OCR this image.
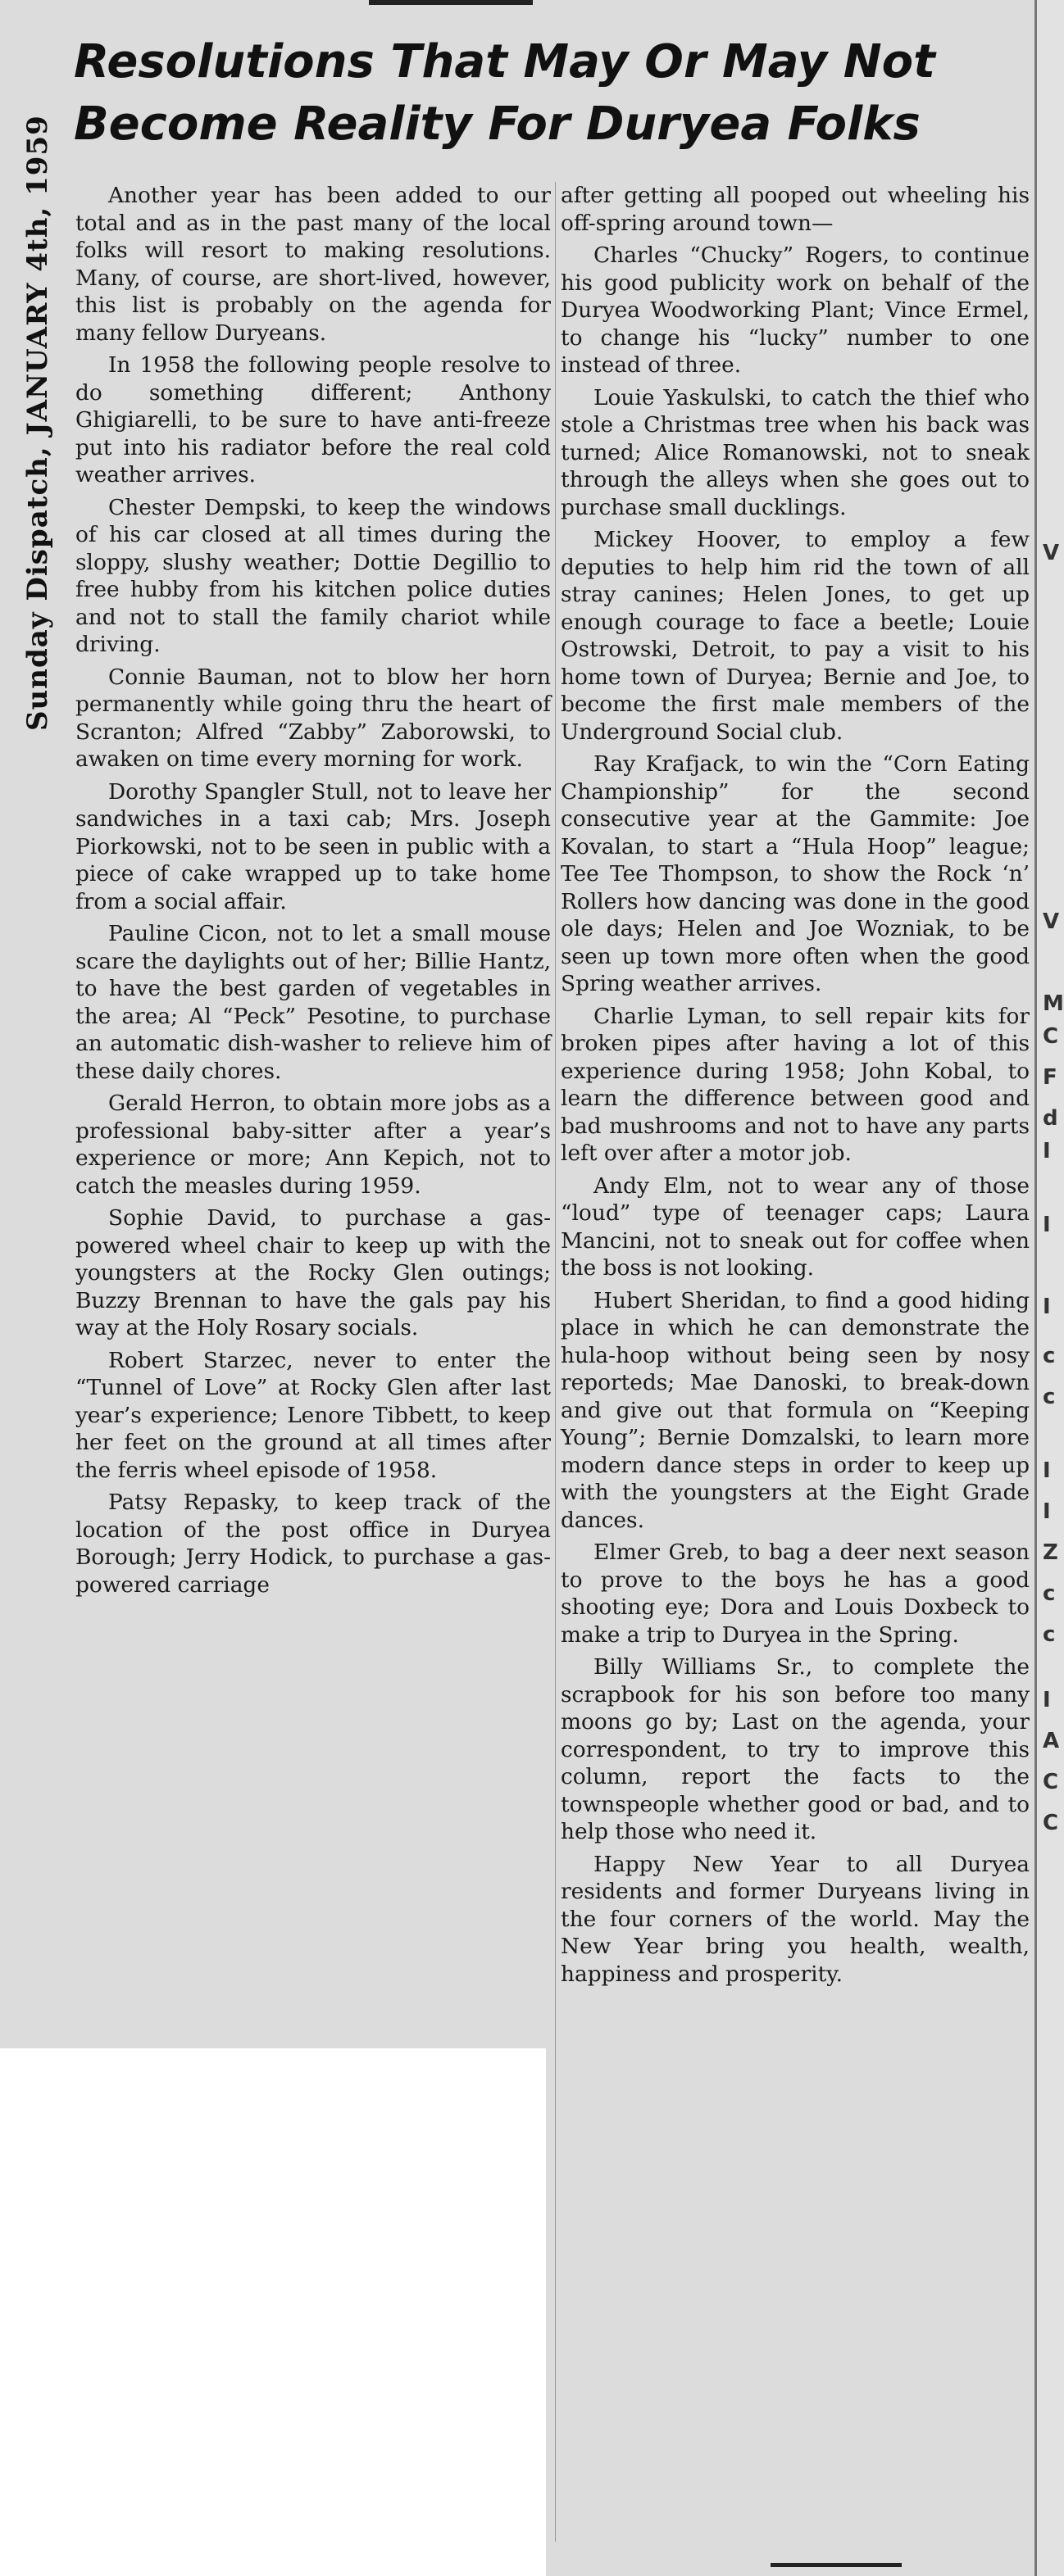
Sunday Dispatch, JANUARY 4th, 1959
Resolutions That May Or May Not
Become Reality For Duryea Folks

Another year has been added to our total and as in the past many of the local folks will resort to making resolutions. Many, of course, are short-lived, however, this list is probably on the agenda for many fellow Duryeans.

In 1958 the following people resolve to do something different; Anthony Ghigiarelli, to be sure to have anti-freeze put into his radiator before the real cold weather arrives.

Chester Dempski, to keep the windows of his car closed at all times during the sloppy, slushy weather; Dottie Degillio to free hubby from his kitchen police duties and not to stall the family chariot while driving.

Connie Bauman, not to blow her horn permanently while going thru the heart of Scranton; Alfred “Zabby” Zaborowski, to awaken on time every morning for work.

Dorothy Spangler Stull, not to leave her sandwiches in a taxi cab; Mrs. Joseph Piorkowski, not to be seen in public with a piece of cake wrapped up to take home from a social affair.

Pauline Cicon, not to let a small mouse scare the daylights out of her; Billie Hantz, to have the best garden of vegetables in the area; Al “Peck” Pesotine, to purchase an automatic dish-washer to relieve him of these daily chores.

Gerald Herron, to obtain more jobs as a professional baby-sitter after a year’s experience or more; Ann Kepich, not to catch the measles during 1959.

Sophie David, to purchase a gas-powered wheel chair to keep up with the youngsters at the Rocky Glen outings; Buzzy Brennan to have the gals pay his way at the Holy Rosary socials.

Robert Starzec, never to enter the “Tunnel of Love” at Rocky Glen after last year’s experience; Lenore Tibbett, to keep her feet on the ground at all times after the ferris wheel episode of 1958.

Patsy Repasky, to keep track of the location of the post office in Duryea Borough; Jerry Hodick, to purchase a gas-powered carriage

after getting all pooped out wheeling his off-spring around town—

Charles “Chucky” Rogers, to continue his good publicity work on behalf of the Duryea Woodworking Plant; Vince Ermel, to change his “lucky” number to one instead of three.

Louie Yaskulski, to catch the thief who stole a Christmas tree when his back was turned; Alice Romanowski, not to sneak through the alleys when she goes out to purchase small ducklings.

Mickey Hoover, to employ a few deputies to help him rid the town of all stray canines; Helen Jones, to get up enough courage to face a beetle; Louie Ostrowski, Detroit, to pay a visit to his home town of Duryea; Bernie and Joe, to become the first male members of the Underground Social club.

Ray Krafjack, to win the “Corn Eating Championship” for the second consecutive year at the Gammite: Joe Kovalan, to start a “Hula Hoop” league; Tee Tee Thompson, to show the Rock ‘n’ Rollers how dancing was done in the good ole days; Helen and Joe Wozniak, to be seen up town more often when the good Spring weather arrives.

Charlie Lyman, to sell repair kits for broken pipes after having a lot of this experience during 1958; John Kobal, to learn the difference between good and bad mushrooms and not to have any parts left over after a motor job.

Andy Elm, not to wear any of those “loud” type of teenager caps; Laura Mancini, not to sneak out for coffee when the boss is not looking.

Hubert Sheridan, to find a good hiding place in which he can demonstrate the hula-hoop without being seen by nosy reporteds; Mae Danoski, to break-down and give out that formula on “Keeping Young”; Bernie Domzalski, to learn more modern dance steps in order to keep up with the youngsters at the Eight Grade dances.

Elmer Greb, to bag a deer next season to prove to the boys he has a good shooting eye; Dora and Louis Doxbeck to make a trip to Duryea in the Spring.

Billy Williams Sr., to complete the scrapbook for his son before too many moons go by; Last on the agenda, your correspondent, to try to improve this column, report the facts to the townspeople whether good or bad, and to help those who need it.

Happy New Year to all Duryea residents and former Duryeans living in the four corners of the world. May the New Year bring you health, wealth, happiness and prosperity.

V
V
M
C
F
d
I
I
I
c
c
I
I
Z
c
c
I
A
C
C
